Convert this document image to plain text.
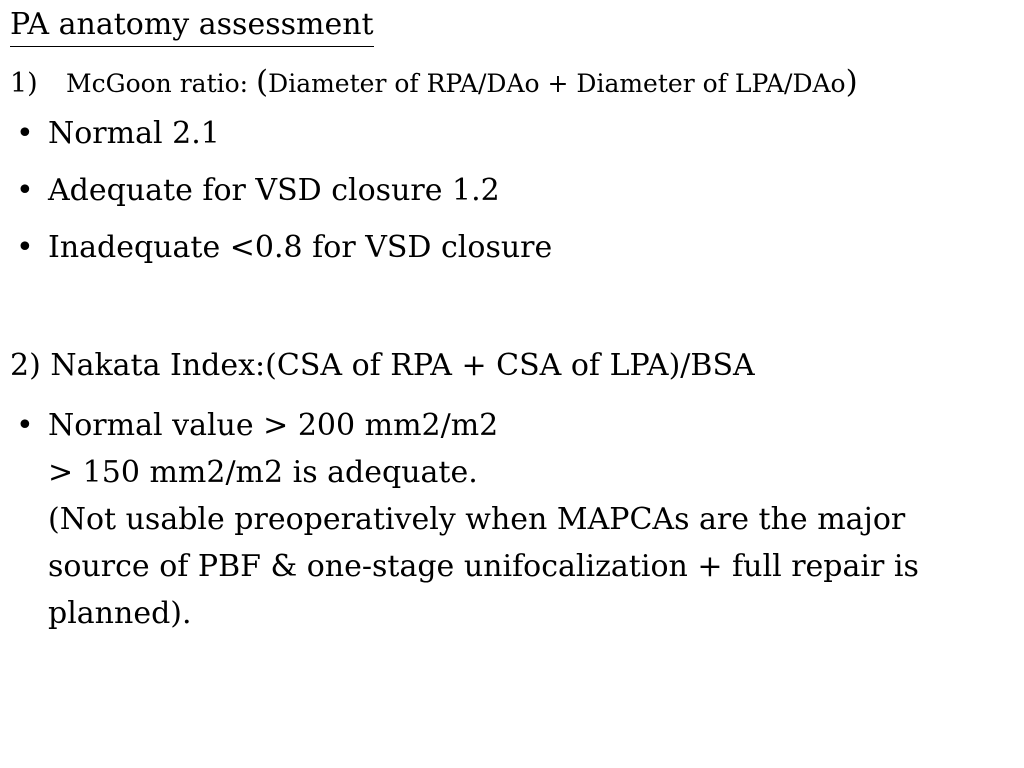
PA anatomy assessment
1) McGoon ratio: (Diameter of RPA/DAo + Diameter of LPA/DAo)
• Normal 2.1
• Adequate for VSD closure 1.2
• Inadequate <0.8 for VSD closure
2) Nakata Index:(CSA of RPA + CSA of LPA)/BSA
• Normal value > 200 mm2/m2
> 150 mm2/m2 is adequate.
(Not usable preoperatively when MAPCAs are the major
source of PBF & one-stage unifocalization + full repair is
planned).
